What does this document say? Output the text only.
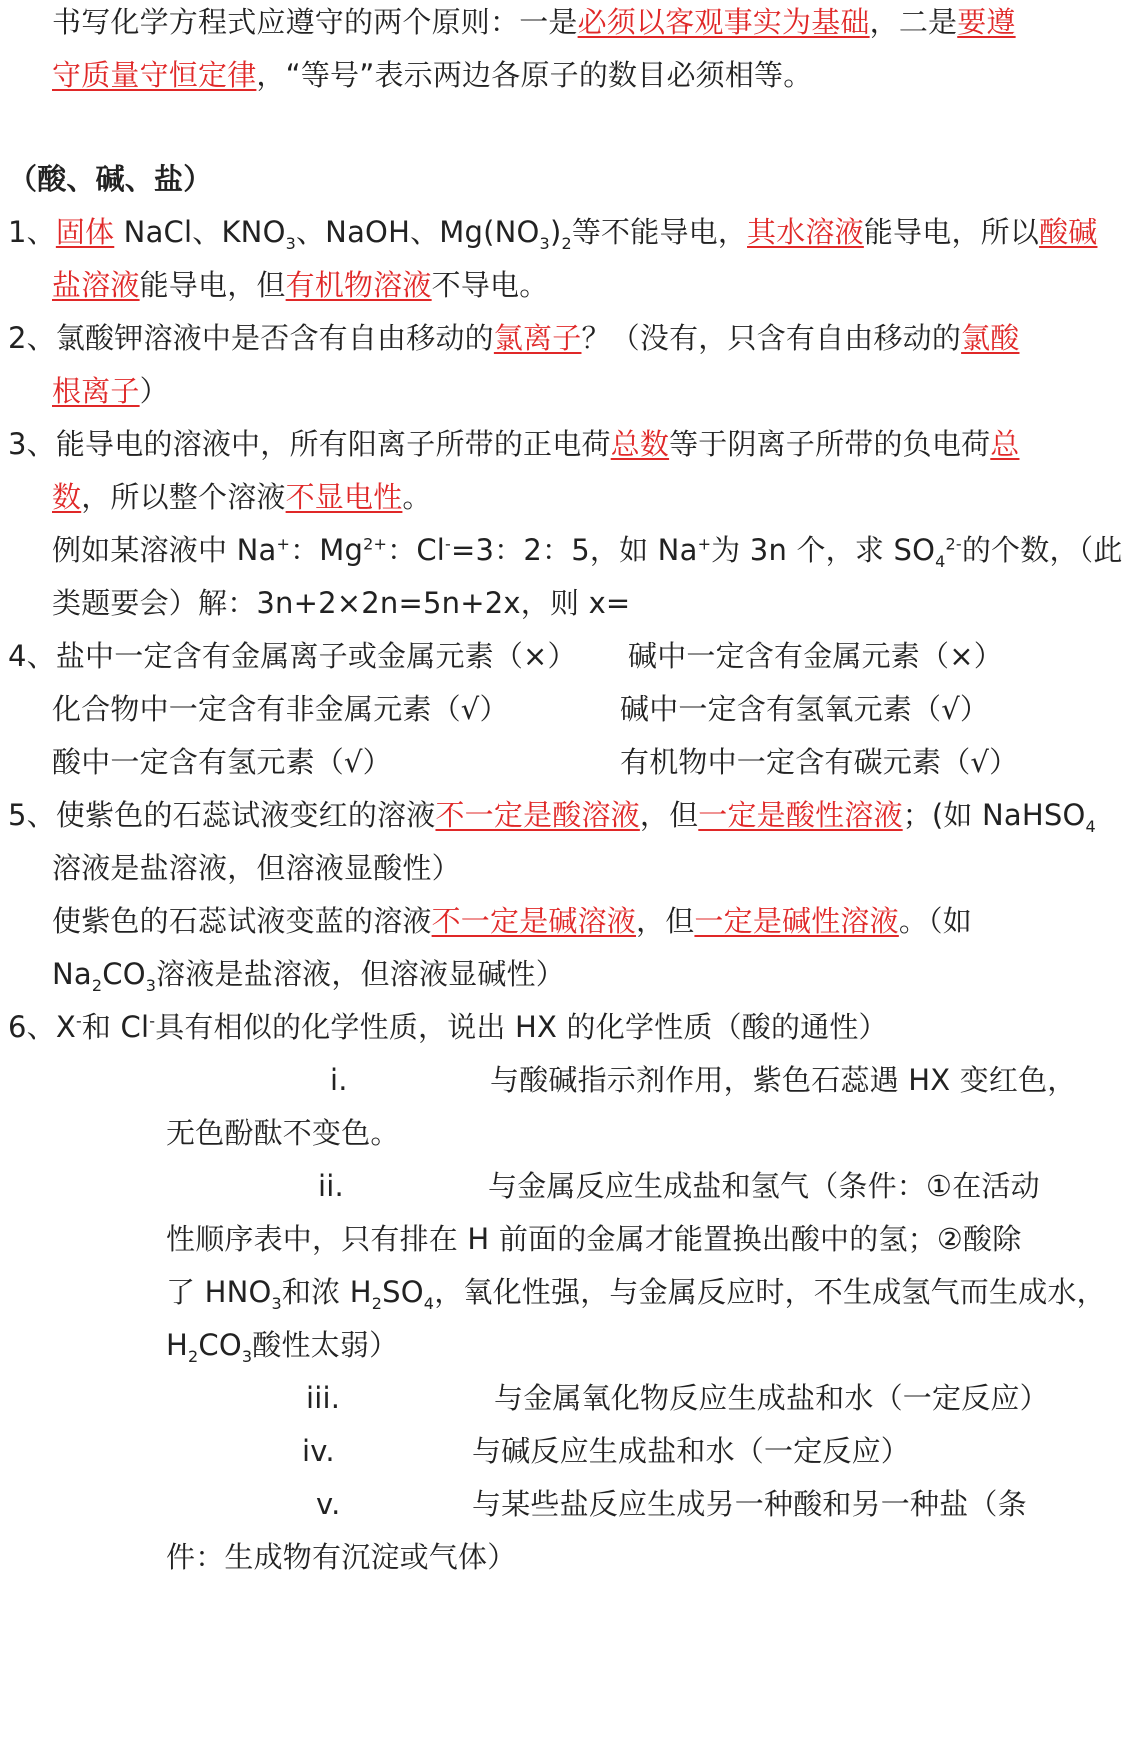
书写化学方程式应遵守的两个原则：一是必须以客观事实为基础，二是要遵
守质量守恒定律，“等号”表示两边各原子的数目必须相等。
（酸、碱、盐）
1、固体 NaCl、$KNO_3$、NaOH、$Mg(NO_3)_2$等不能导电，其水溶液能导电，所以酸碱
盐溶液能导电，但有机物溶液不导电。
2、氯酸钾溶液中是否含有自由移动的氯离子？（没有，只含有自由移动的氯酸
根离子）
3、能导电的溶液中，所有阳离子所带的正电荷总数等于阴离子所带的负电荷总
数，所以整个溶液不显电性。
例如某溶液中 Na+：$Mg^{2+}$：Cl-=3：2：5，如 Na+为 3n 个，求 $SO_4^{2-}$的个数，（此
类题要会）解：3n+2×2n=5n+2x，则 x=
4、盐中一定含有金属离子或金属元素（×） 碱中一定含有金属元素（×）
化合物中一定含有非金属元素（√）	碱中一定含有氢氧元素（√）
酸中一定含有氢元素（√）	有机物中一定含有碳元素（√）
5、使紫色的石蕊试液变红的溶液不一定是酸溶液，但一定是酸性溶液；(如 NaHSO$_4$
溶液是盐溶液，但溶液显酸性）
使紫色的石蕊试液变蓝的溶液不一定是碱溶液，但一定是碱性溶液。（如
$Na_2CO_3$溶液是盐溶液，但溶液显碱性）
6、X-和 Cl-具有相似的化学性质，说出 HX 的化学性质（酸的通性）
i.	与酸碱指示剂作用，紫色石蕊遇 HX 变红色，
无色酚酞不变色。
ii.	与金属反应生成盐和氢气（条件：①在活动
性顺序表中，只有排在 H 前面的金属才能置换出酸中的氢；②酸除
了 $HNO_3$和浓 $H_2SO_4$，氧化性强，与金属反应时，不生成氢气而生成水，
$H_2CO_3$酸性太弱）
iii.	与金属氧化物反应生成盐和水（一定反应）
iv.	与碱反应生成盐和水（一定反应）
v.	与某些盐反应生成另一种酸和另一种盐（条
件：生成物有沉淀或气体）
